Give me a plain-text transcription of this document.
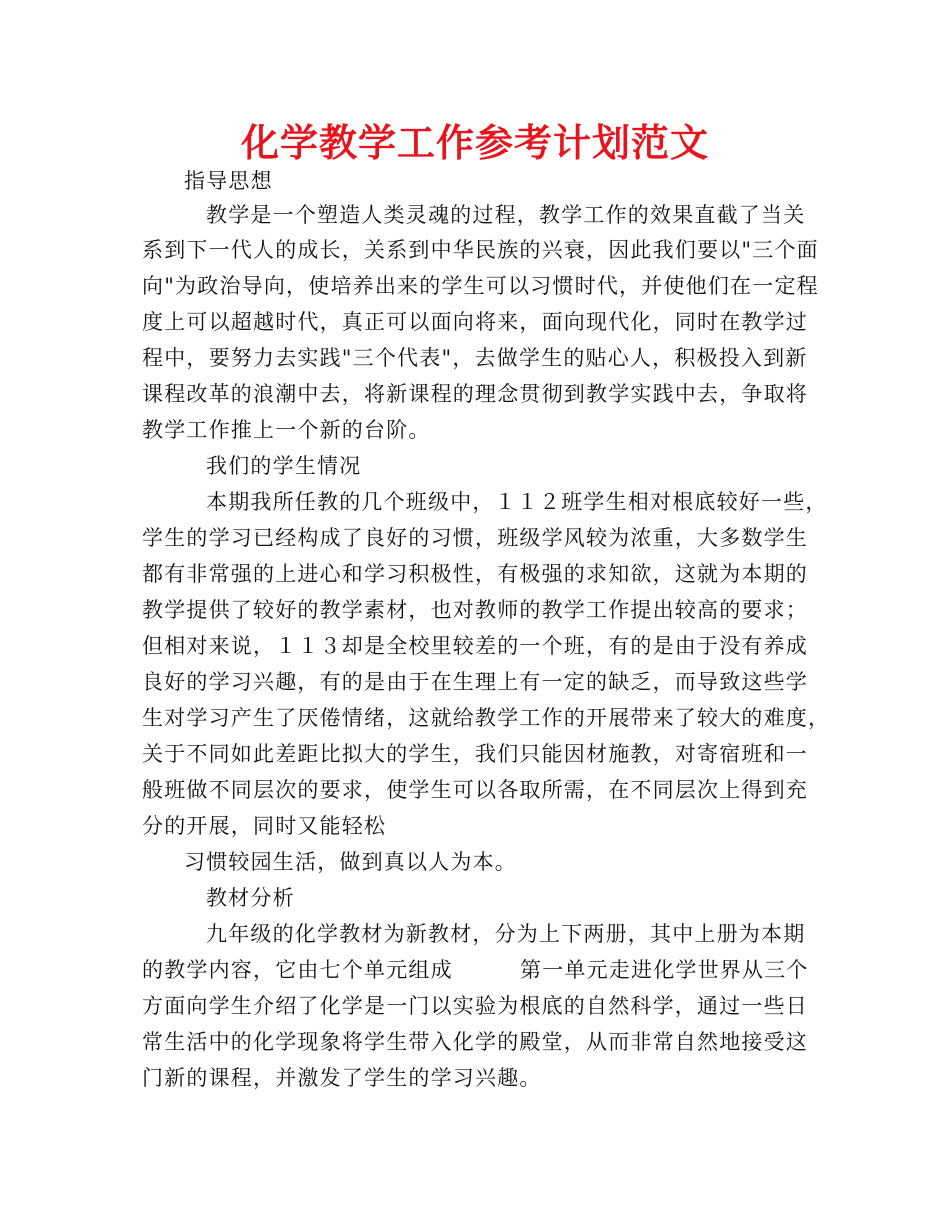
化学教学工作参考计划范文
指导思想
教学是一个塑造人类灵魂的过程，教学工作的效果直截了当关
系到下一代人的成长，关系到中华民族的兴衰，因此我们要以"三个面
向"为政治导向，使培养出来的学生可以习惯时代，并使他们在一定程
度上可以超越时代，真正可以面向将来，面向现代化，同时在教学过
程中，要努力去实践"三个代表"，去做学生的贴心人，积极投入到新
课程改革的浪潮中去，将新课程的理念贯彻到教学实践中去，争取将
教学工作推上一个新的台阶。
我们的学生情况
本期我所任教的几个班级中，１１２班学生相对根底较好一些，
学生的学习已经构成了良好的习惯，班级学风较为浓重，大多数学生
都有非常强的上进心和学习积极性，有极强的求知欲，这就为本期的
教学提供了较好的教学素材，也对教师的教学工作提出较高的要求；
但相对来说，１１３却是全校里较差的一个班，有的是由于没有养成
良好的学习兴趣，有的是由于在生理上有一定的缺乏，而导致这些学
生对学习产生了厌倦情绪，这就给教学工作的开展带来了较大的难度，
关于不同如此差距比拟大的学生，我们只能因材施教，对寄宿班和一
般班做不同层次的要求，使学生可以各取所需，在不同层次上得到充
分的开展，同时又能轻松
习惯较园生活，做到真以人为本。
教材分析
九年级的化学教材为新教材，分为上下两册，其中上册为本期
的教学内容，它由七个单元组成	第一单元走进化学世界从三个
方面向学生介绍了化学是一门以实验为根底的自然科学，通过一些日
常生活中的化学现象将学生带入化学的殿堂，从而非常自然地接受这
门新的课程，并激发了学生的学习兴趣。
